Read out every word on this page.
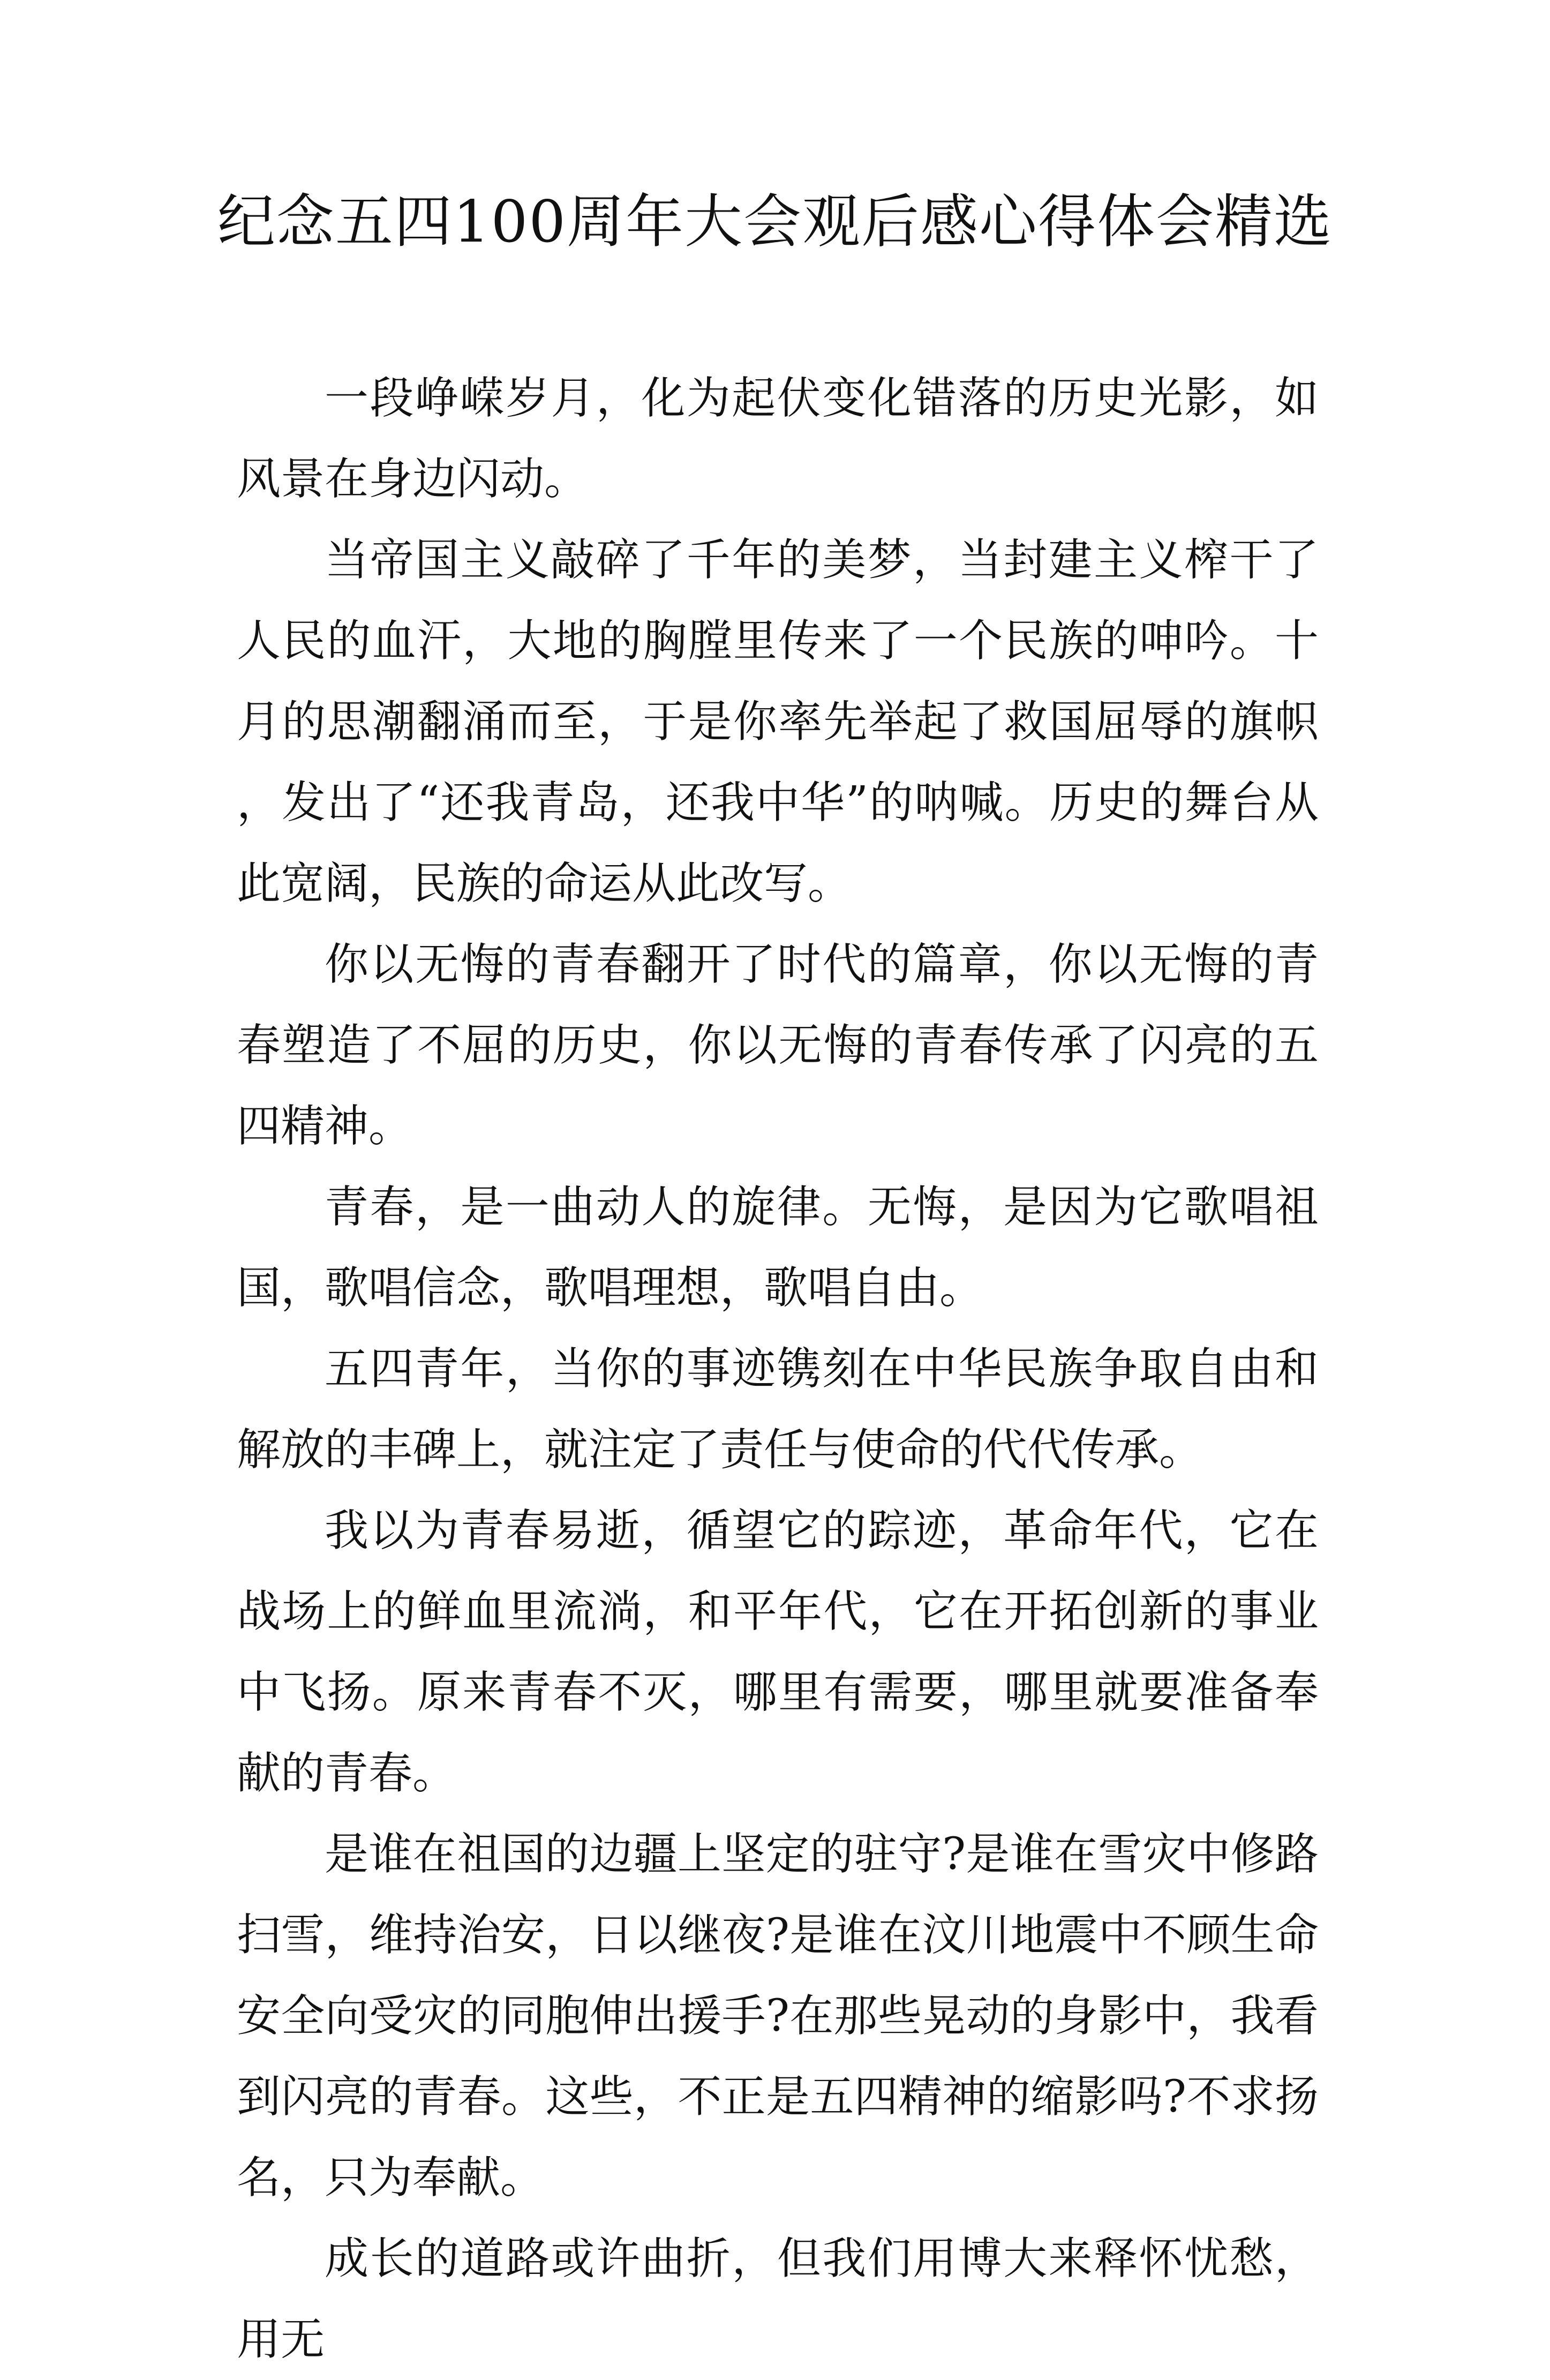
纪念五四100周年大会观后感心得体会精选

一段峥嵘岁月，化为起伏变化错落的历史光影，如风景在身边闪动。

当帝国主义敲碎了千年的美梦，当封建主义榨干了人民的血汗，大地的胸膛里传来了一个民族的呻吟。十月的思潮翻涌而至，于是你率先举起了救国屈辱的旗帜，发出了“还我青岛，还我中华”的呐喊。历史的舞台从此宽阔，民族的命运从此改写。

你以无悔的青春翻开了时代的篇章，你以无悔的青春塑造了不屈的历史，你以无悔的青春传承了闪亮的五四精神。

青春，是一曲动人的旋律。无悔，是因为它歌唱祖国，歌唱信念，歌唱理想，歌唱自由。

五四青年，当你的事迹镌刻在中华民族争取自由和解放的丰碑上，就注定了责任与使命的代代传承。

我以为青春易逝，循望它的踪迹，革命年代，它在战场上的鲜血里流淌，和平年代，它在开拓创新的事业中飞扬。原来青春不灭，哪里有需要，哪里就要准备奉献的青春。

是谁在祖国的边疆上坚定的驻守?是谁在雪灾中修路扫雪，维持治安，日以继夜?是谁在汶川地震中不顾生命安全向受灾的同胞伸出援手?在那些晃动的身影中，我看到闪亮的青春。这些，不正是五四精神的缩影吗?不求扬名，只为奉献。

成长的道路或许曲折，但我们用博大来释怀忧愁，用无
